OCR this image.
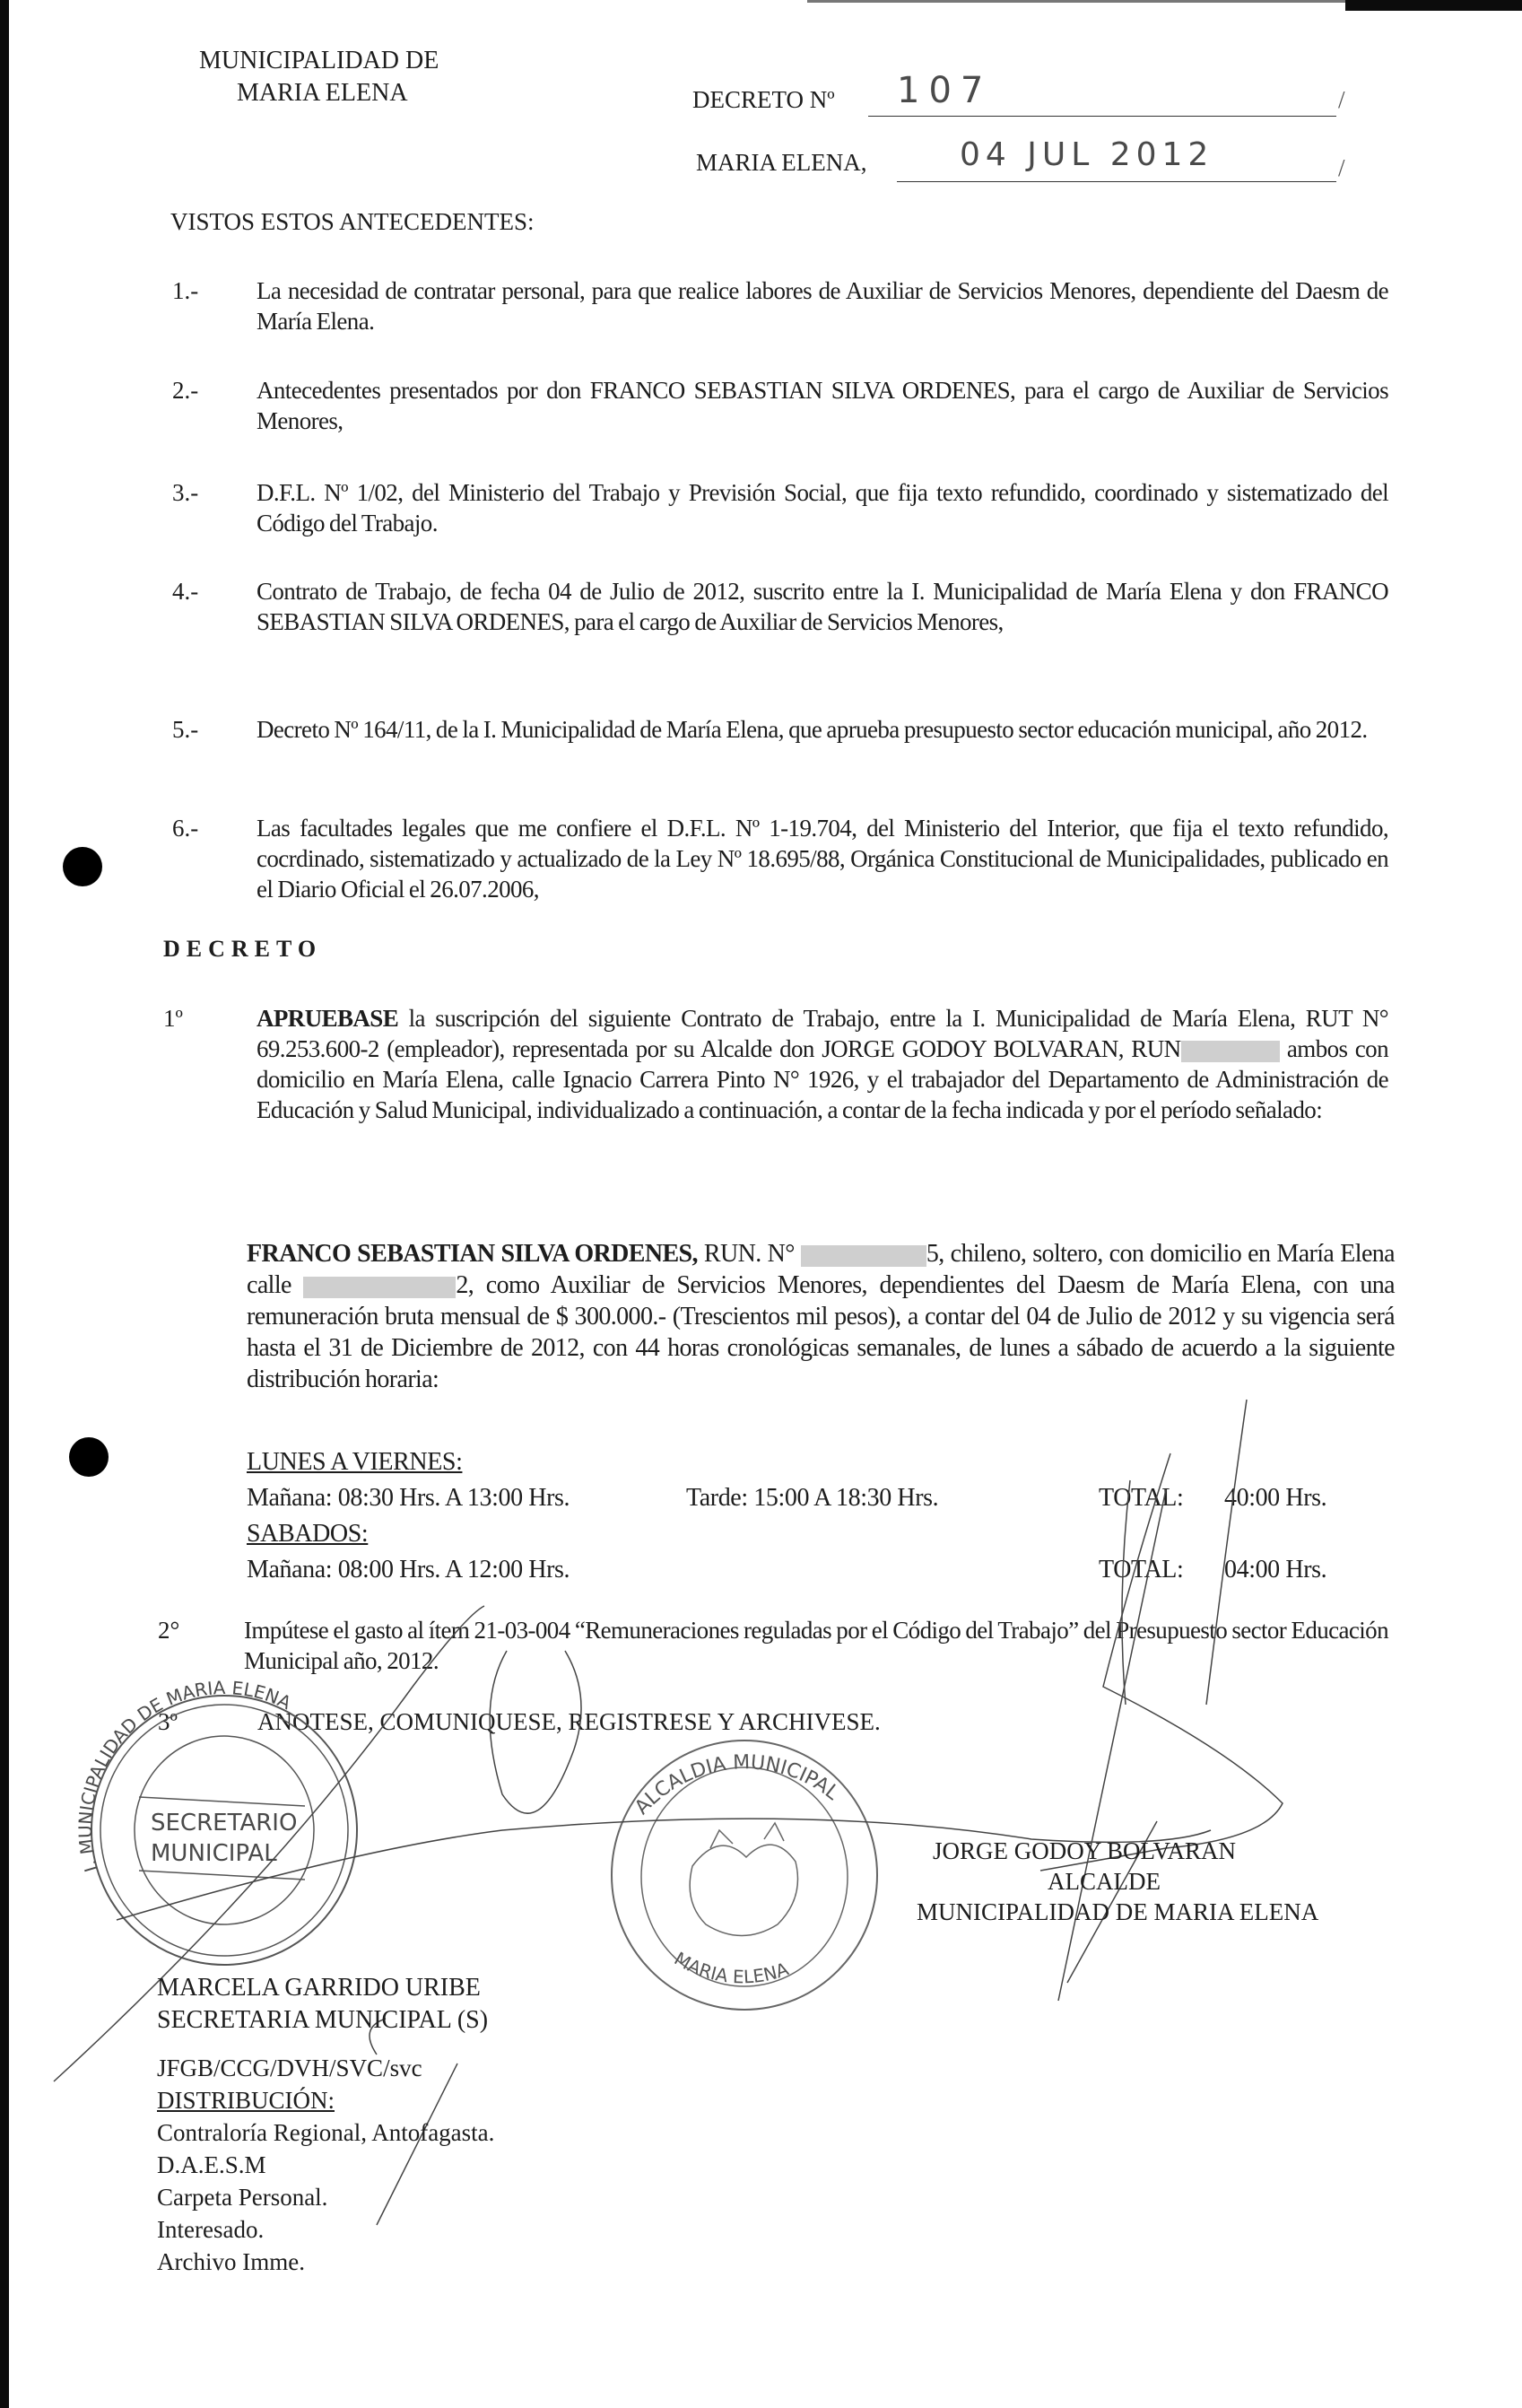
MUNICIPALIDAD DE
MARIA ELENA	DECRETO Nº 107	/
MARIA ELENA,	04 JUL 2012	/
VISTOS ESTOS ANTECEDENTES:
1.- La necesidad de contratar personal, para que realice labores de Auxiliar de Servicios Menores, dependiente del Daesm de María Elena.
2.- Antecedentes presentados por don FRANCO SEBASTIAN SILVA ORDENES, para el cargo de Auxiliar de Servicios Menores,
3.- D.F.L. Nº 1/02, del Ministerio del Trabajo y Previsión Social, que fija texto refundido, coordinado y sistematizado del Código del Trabajo.
4.- Contrato de Trabajo, de fecha 04 de Julio de 2012, suscrito entre la I. Municipalidad de María Elena y don FRANCO SEBASTIAN SILVA ORDENES, para el cargo de Auxiliar de Servicios Menores,
5.- Decreto Nº 164/11, de la I. Municipalidad de María Elena, que aprueba presupuesto sector educación municipal, año 2012.
6.- Las facultades legales que me confiere el D.F.L. Nº 1-19.704, del Ministerio del Interior, que fija el texto refundido, cocrdinado, sistematizado y actualizado de la Ley Nº 18.695/88, Orgánica Constitucional de Municipalidades, publicado en el Diario Oficial el 26.07.2006,
DECRETO
1º	APRUEBASE la suscripción del siguiente Contrato de Trabajo, entre la I. Municipalidad de María Elena, RUT N° 69.253.600-2 (empleador), representada por su Alcalde don JORGE GODOY BOLVARAN, RUN	ambos con domicilio en María Elena, calle Ignacio Carrera Pinto N° 1926, y el trabajador del Departamento de Administración de Educación y Salud Municipal, individualizado a continuación, a contar de la fecha indicada y por el período señalado:
FRANCO SEBASTIAN SILVA ORDENES, RUN. N°	5, chileno, soltero, con domicilio en María Elena calle	2, como Auxiliar de Servicios Menores, dependientes del Daesm de María Elena, con una remuneración bruta mensual de $ 300.000.- (Trescientos mil pesos), a contar del 04 de Julio de 2012 y su vigencia será hasta el 31 de Diciembre de 2012, con 44 horas cronológicas semanales, de lunes a sábado de acuerdo a la siguiente distribución horaria:
LUNES A VIERNES:
Mañana: 08:30 Hrs. A 13:00 Hrs.	Tarde: 15:00 A 18:30 Hrs.	TOTAL: 40:00 Hrs.
SABADOS:
Mañana: 08:00 Hrs. A 12:00 Hrs.	TOTAL: 04:00 Hrs.
2°	Impútese el gasto al ítem 21-03-004 “Remuneraciones reguladas por el Código del Trabajo” del Presupuesto sector Educación Municipal año, 2012.
3º	ANOTESE, COMUNIQUESE, REGISTRESE Y ARCHIVESE.
I. MUNICIPALIDAD DE MARIA ELENA
SECRETARIO
MUNICIPAL
ALCALDIA MUNICIPAL
MARIA ELENA
JORGE GODOY BOLVARAN
ALCALDE
MUNICIPALIDAD DE MARIA ELENA
MARCELA GARRIDO URIBE
SECRETARIA MUNICIPAL (S)
JFGB/CCG/DVH/SVC/svc
DISTRIBUCIÓN:
Contraloría Regional, Antofagasta.
D.A.E.S.M
Carpeta Personal.
Interesado.
Archivo Imme.
